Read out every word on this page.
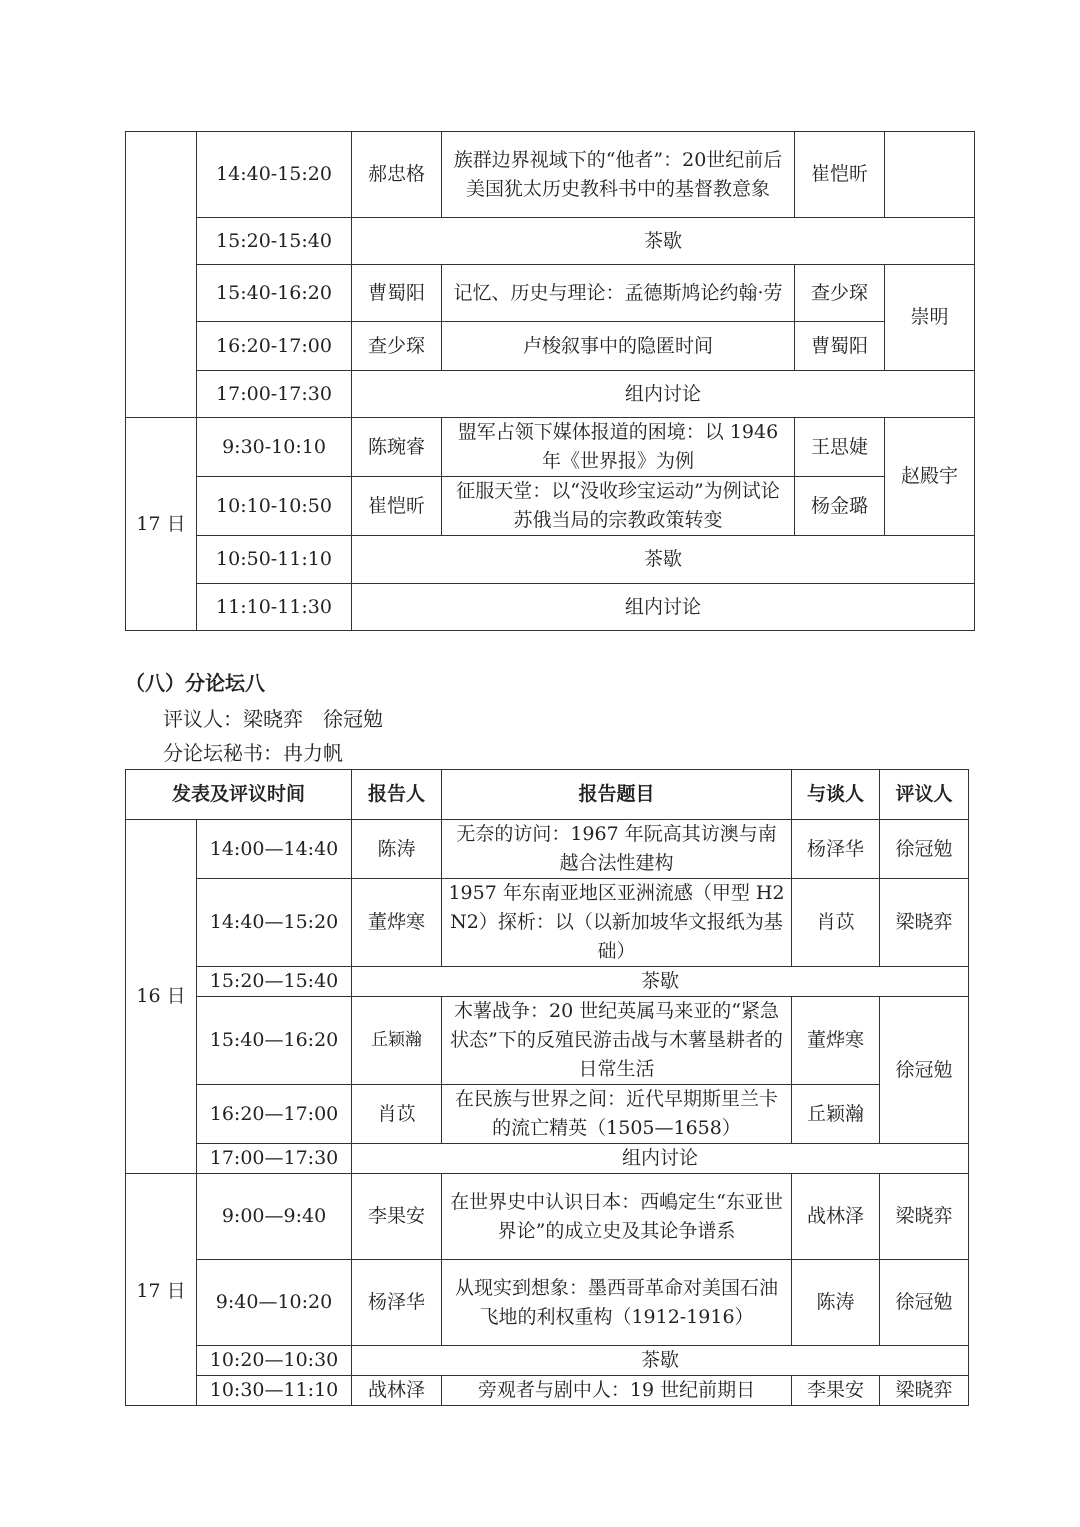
	14:40-15:20	郝忠格	族群边界视域下的“他者”：20世纪前后美国犹太历史教科书中的基督教意象	崔恺昕	
	15:20-15:40	茶歇			
	15:40-16:20	曹蜀阳	记忆、历史与理论：孟德斯鸠论约翰·劳	查少琛	崇明
	16:20-17:00	查少琛	卢梭叙事中的隐匿时间	曹蜀阳	
	17:00-17:30	组内讨论			
17 日	9:30-10:10	陈琬睿	盟军占领下媒体报道的困境：以 1946 年《世界报》为例	王思婕	赵殿宇
	10:10-10:50	崔恺昕	征服天堂：以“没收珍宝运动”为例试论苏俄当局的宗教政策转变	杨金璐	
	10:50-11:10	茶歇			
	11:10-11:30	组内讨论			
（八）分论坛八
评议人：梁晓弈　徐冠勉
分论坛秘书：冉力帆
发表及评议时间		报告人	报告题目	与谈人	评议人
16 日	14:00—14:40	陈涛	无奈的访问：1967 年阮高其访澳与南越合法性建构	杨泽华	徐冠勉
	14:40—15:20	董烨寒	1957 年东南亚地区亚洲流感（甲型 H2N2）探析：以（以新加坡华文报纸为基础）	肖苡	梁晓弈
	15:20—15:40	茶歇			
	15:40—16:20	丘颖瀚	木薯战争：20 世纪英属马来亚的“紧急状态”下的反殖民游击战与木薯垦耕者的日常生活	董烨寒	徐冠勉
	16:20—17:00	肖苡	在民族与世界之间：近代早期斯里兰卡的流亡精英（1505—1658）	丘颖瀚	
	17:00—17:30	组内讨论			
17 日	9:00—9:40	李果安	在世界史中认识日本：西嶋定生“东亚世界论”的成立史及其论争谱系	战林泽	梁晓弈
	9:40—10:20	杨泽华	从现实到想象：墨西哥革命对美国石油飞地的利权重构（1912-1916）	陈涛	徐冠勉
	10:20—10:30	茶歇			
	10:30—11:10	战林泽	旁观者与剧中人：19 世纪前期日	李果安	梁晓弈
